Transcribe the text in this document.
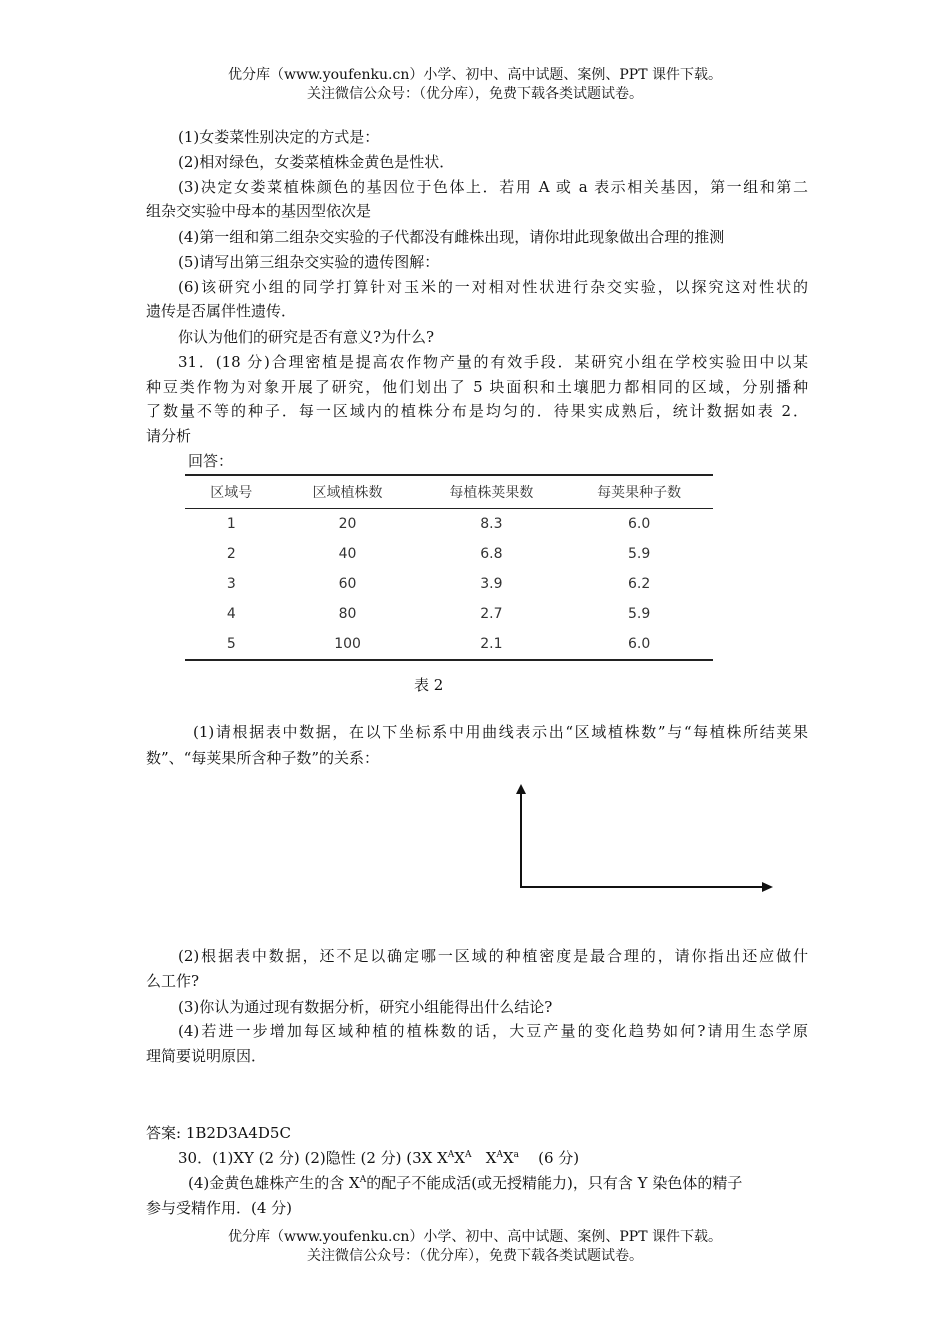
优分库（www.youfenku.cn）小学、初中、高中试题、案例、PPT 课件下载。
关注微信公众号：（优分库），免费下载各类试题试卷。
(1)女娄菜性别决定的方式是：
(2)相对绿色，女娄菜植株金黄色是性状．
(3)决定女娄菜植株颜色的基因位于色体上．若用 A 或 a 表示相关基因，第一组和第二
组杂交实验中母本的基因型依次是
(4)第一组和第二组杂交实验的子代都没有雌株出现，请你坩此现象做出合理的推测
(5)请写出第三组杂交实验的遗传图解：
(6)该研究小组的同学打算针对玉米的一对相对性状进行杂交实验，以探究这对性状的
遗传是否属伴性遗传．
你认为他们的研究是否有意义?为什么?
31．(18 分)合理密植是提高农作物产量的有效手段．某研究小组在学校实验田中以某
种豆类作物为对象开展了研究，他们划出了 5 块面积和土壤肥力都相同的区域，分别播种
了数量不等的种子．每一区域内的植株分布是均匀的．待果实成熟后，统计数据如表 2．
请分析
回答：
区域号	区域植株数	每植株荚果数	每荚果种子数
1	20	8.3	6.0
2	40	6.8	5.9
3	60	3.9	6.2
4	80	2.7	5.9
5	100	2.1	6.0
表 2
(1)请根据表中数据，在以下坐标系中用曲线表示出“区域植株数”与“每植株所结荚果
数”、“每荚果所含种子数”的关系：
(2)根据表中数据，还不足以确定哪一区域的种植密度是最合理的，请你指出还应做什
么工作?
(3)你认为通过现有数据分析，研究小组能得出什么结论?
(4)若进一步增加每区域种植的植株数的话，大豆产量的变化趋势如何?请用生态学原
理简要说明原因．
答案: 1B2D3A4D5C
30．(1)XY (2 分) (2)隐性 (2 分) (3X $X^AX^A$   $X^AX^a$    (6 分)
(4)金黄色雄株产生的含 $X^A$的配子不能成活(或无授精能力)，只有含 Y 染色体的精子
参与受精作用．(4 分)
优分库（www.youfenku.cn）小学、初中、高中试题、案例、PPT 课件下载。
关注微信公众号：（优分库），免费下载各类试题试卷。
